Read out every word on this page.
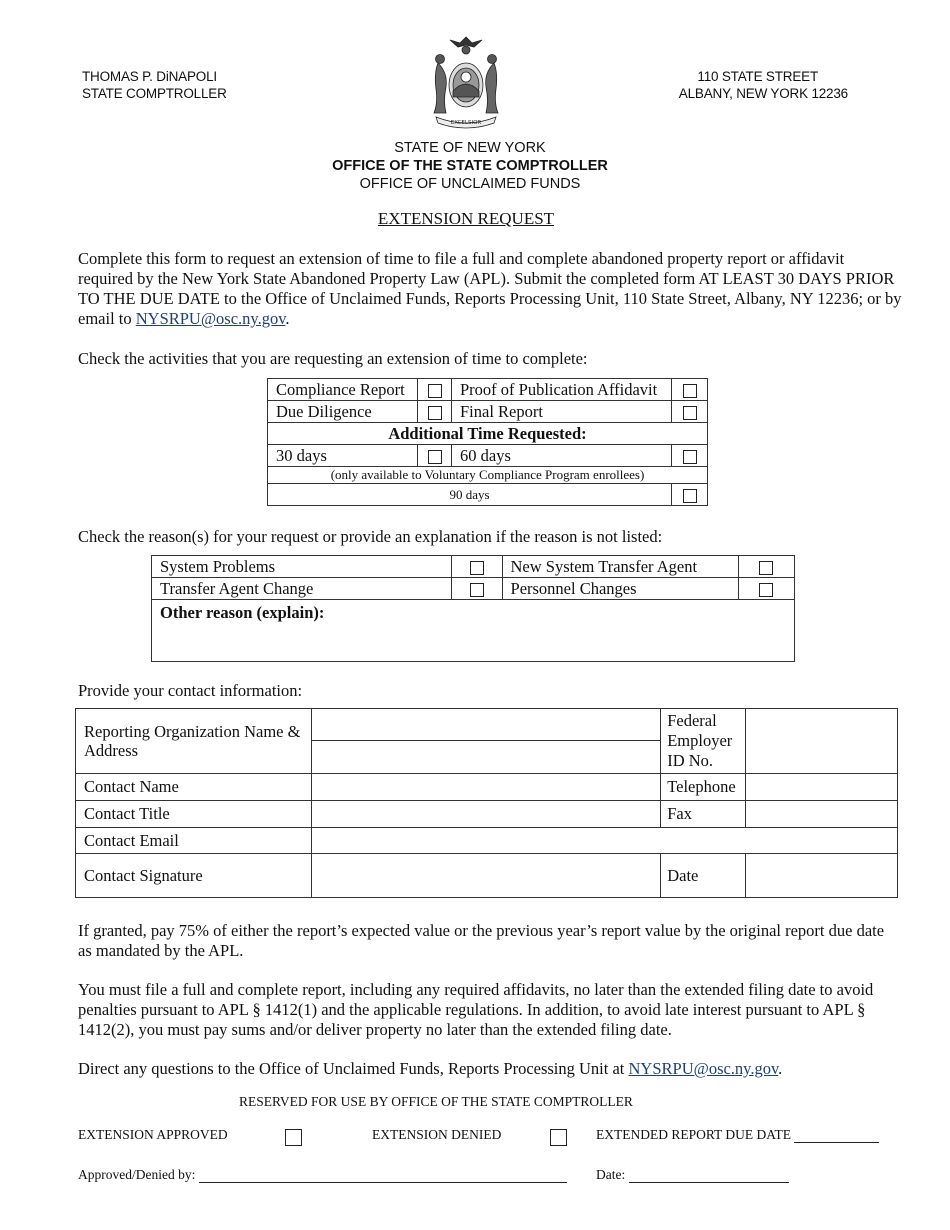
THOMAS P. DiNAPOLI
STATE COMPTROLLER
110 STATE STREET
ALBANY, NEW YORK 12236
EXCELSIOR
STATE OF NEW YORK
OFFICE OF THE STATE COMPTROLLER
OFFICE OF UNCLAIMED FUNDS
EXTENSION REQUEST
Complete this form to request an extension of time to file a full and complete abandoned property report or affidavit required by the New York State Abandoned Property Law (APL). Submit the completed form AT LEAST 30 DAYS PRIOR TO THE DUE DATE to the Office of Unclaimed Funds, Reports Processing Unit, 110 State Street, Albany, NY 12236; or by email to NYSRPU@osc.ny.gov.
Check the activities that you are requesting an extension of time to complete:
Compliance Report		Proof of Publication Affidavit	
Due Diligence		Final Report	
Additional Time Requested:			
30 days		60 days	
(only available to Voluntary Compliance Program enrollees)			
90 days			
Check the reason(s) for your request or provide an explanation if the reason is not listed:
System Problems		New System Transfer Agent	
Transfer Agent Change		Personnel Changes	
Other reason (explain):			
Provide your contact information:
Reporting Organization Name & Address		Federal Employer ID No.	

Contact Name		Telephone	
Contact Title		Fax	
Contact Email			
Contact Signature		Date	
If granted, pay 75% of either the report’s expected value or the previous year’s report value by the original report due date as mandated by the APL.
You must file a full and complete report, including any required affidavits, no later than the extended filing date to avoid penalties pursuant to APL § 1412(1) and the applicable regulations. In addition, to avoid late interest pursuant to APL § 1412(2), you must pay sums and/or deliver property no later than the extended filing date.
Direct any questions to the Office of Unclaimed Funds, Reports Processing Unit at NYSRPU@osc.ny.gov.
RESERVED FOR USE BY OFFICE OF THE STATE COMPTROLLER
EXTENSION APPROVED	EXTENSION DENIED	EXTENDED REPORT DUE DATE
Approved/Denied by:	Date:
